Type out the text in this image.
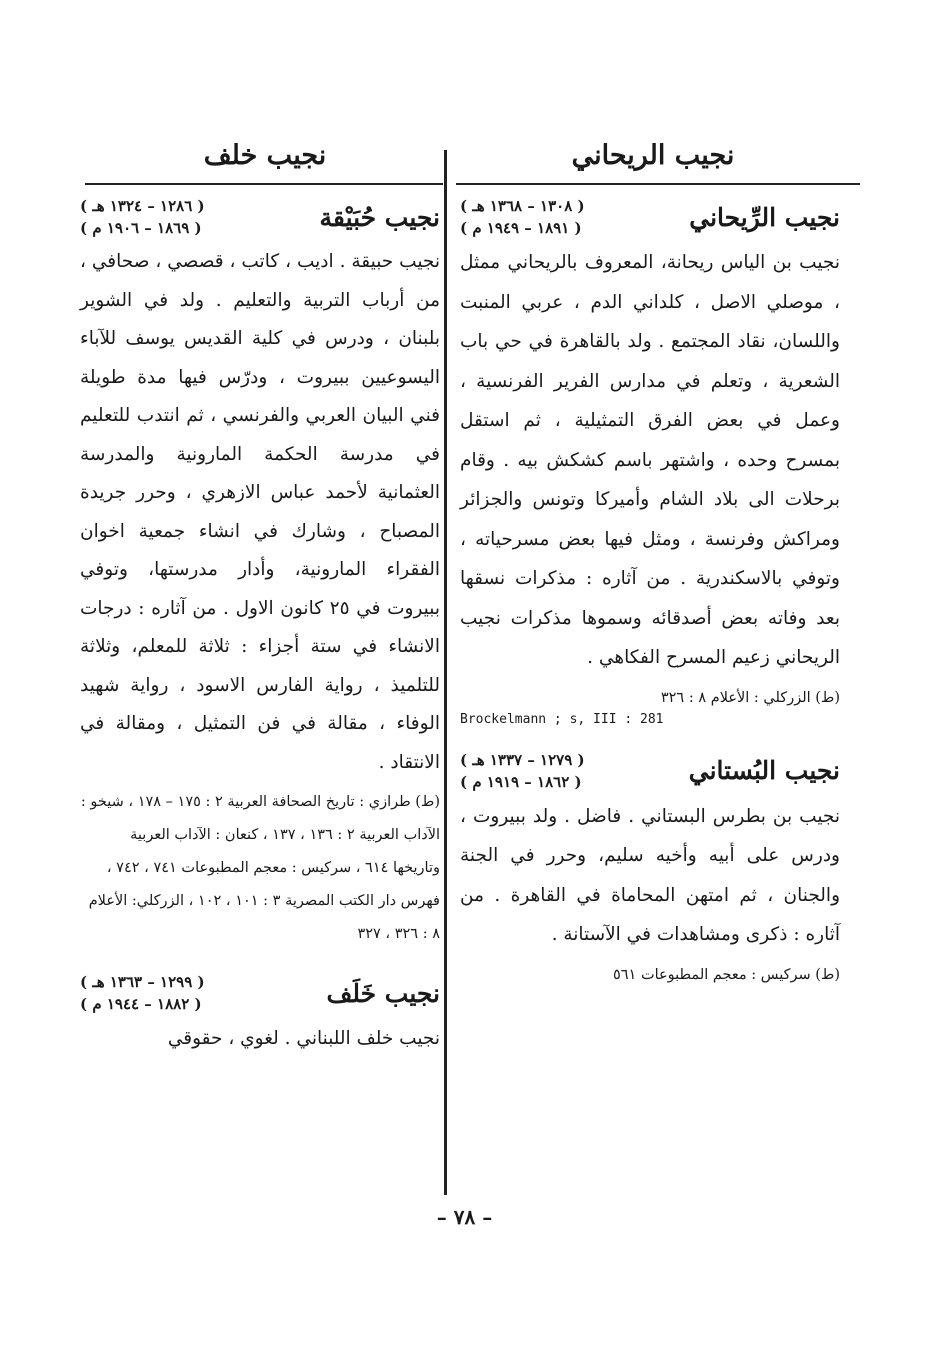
نجيب الريحاني
نجيب خلف
نجيب الرِّيحاني
( ١٣٠٨ – ١٣٦٨ هـ )
( ١٨٩١ – ١٩٤٩ م )
نجيب بن الياس ريحانة، المعروف بالريحاني ممثل ، موصلي الاصل ، كلداني الدم ، عربي المنبت واللسان، نقاد المجتمع . ولد بالقاهرة في حي باب الشعرية ، وتعلم في مدارس الفرير الفرنسية ، وعمل في بعض الفرق التمثيلية ، ثم استقل بمسرح وحده ، واشتهر باسم كشكش بيه . وقام برحلات الى بلاد الشام وأميركا وتونس والجزائر ومراكش وفرنسة ، ومثل فيها بعض مسرحياته ، وتوفي بالاسكندرية . من آثاره : مذكرات نسقها بعد وفاته بعض أصدقائه وسموها مذكرات نجيب الريحاني زعيم المسرح الفكاهي .
(ط) الزركلي : الأعلام ٨ : ٣٢٦
Brockelmann ; s, III : 281
نجيب البُستاني
( ١٢٧٩ – ١٣٣٧ هـ )
( ١٨٦٢ – ١٩١٩ م )
نجيب بن بطرس البستاني . فاضل . ولد ببيروت ، ودرس على أبيه وأخيه سليم، وحرر في الجنة والجنان ، ثم امتهن المحاماة في القاهرة . من آثاره : ذكرى ومشاهدات في الآستانة .
(ط) سركيس : معجم المطبوعات ٥٦١
نجيب حُبَيْقة
( ١٢٨٦ – ١٣٢٤ هـ )
( ١٨٦٩ – ١٩٠٦ م )
نجيب حبيقة . اديب ، كاتب ، قصصي ، صحافي ، من أرباب التربية والتعليم . ولد في الشوير بلبنان ، ودرس في كلية القديس يوسف للآباء اليسوعيين ببيروت ، ودرّس فيها مدة طويلة فني البيان العربي والفرنسي ، ثم انتدب للتعليم في مدرسة الحكمة المارونية والمدرسة العثمانية لأحمد عباس الازهري ، وحرر جريدة المصباح ، وشارك في انشاء جمعية اخوان الفقراء المارونية، وأدار مدرستها، وتوفي ببيروت في ٢٥ كانون الاول . من آثاره : درجات الانشاء في ستة أجزاء : ثلاثة للمعلم، وثلاثة للتلميذ ، رواية الفارس الاسود ، رواية شهيد الوفاء ، مقالة في فن التمثيل ، ومقالة في الانتقاد .
(ط) طرازي : تاريخ الصحافة العربية ٢ : ١٧٥ – ١٧٨ ، شيخو : الآداب العربية ٢ : ١٣٦ ، ١٣٧ ، كنعان : الآداب العربية وتاريخها ٦١٤ ، سركيس : معجم المطبوعات ٧٤١ ، ٧٤٢ ، فهرس دار الكتب المصرية ٣ : ١٠١ ، ١٠٢ ، الزركلي: الأعلام ٨ : ٣٢٦ ، ٣٢٧
نجيب خَلَف
( ١٢٩٩ – ١٣٦٣ هـ )
( ١٨٨٢ – ١٩٤٤ م )
نجيب خلف اللبناني . لغوي ، حقوقي
– ٧٨ –
